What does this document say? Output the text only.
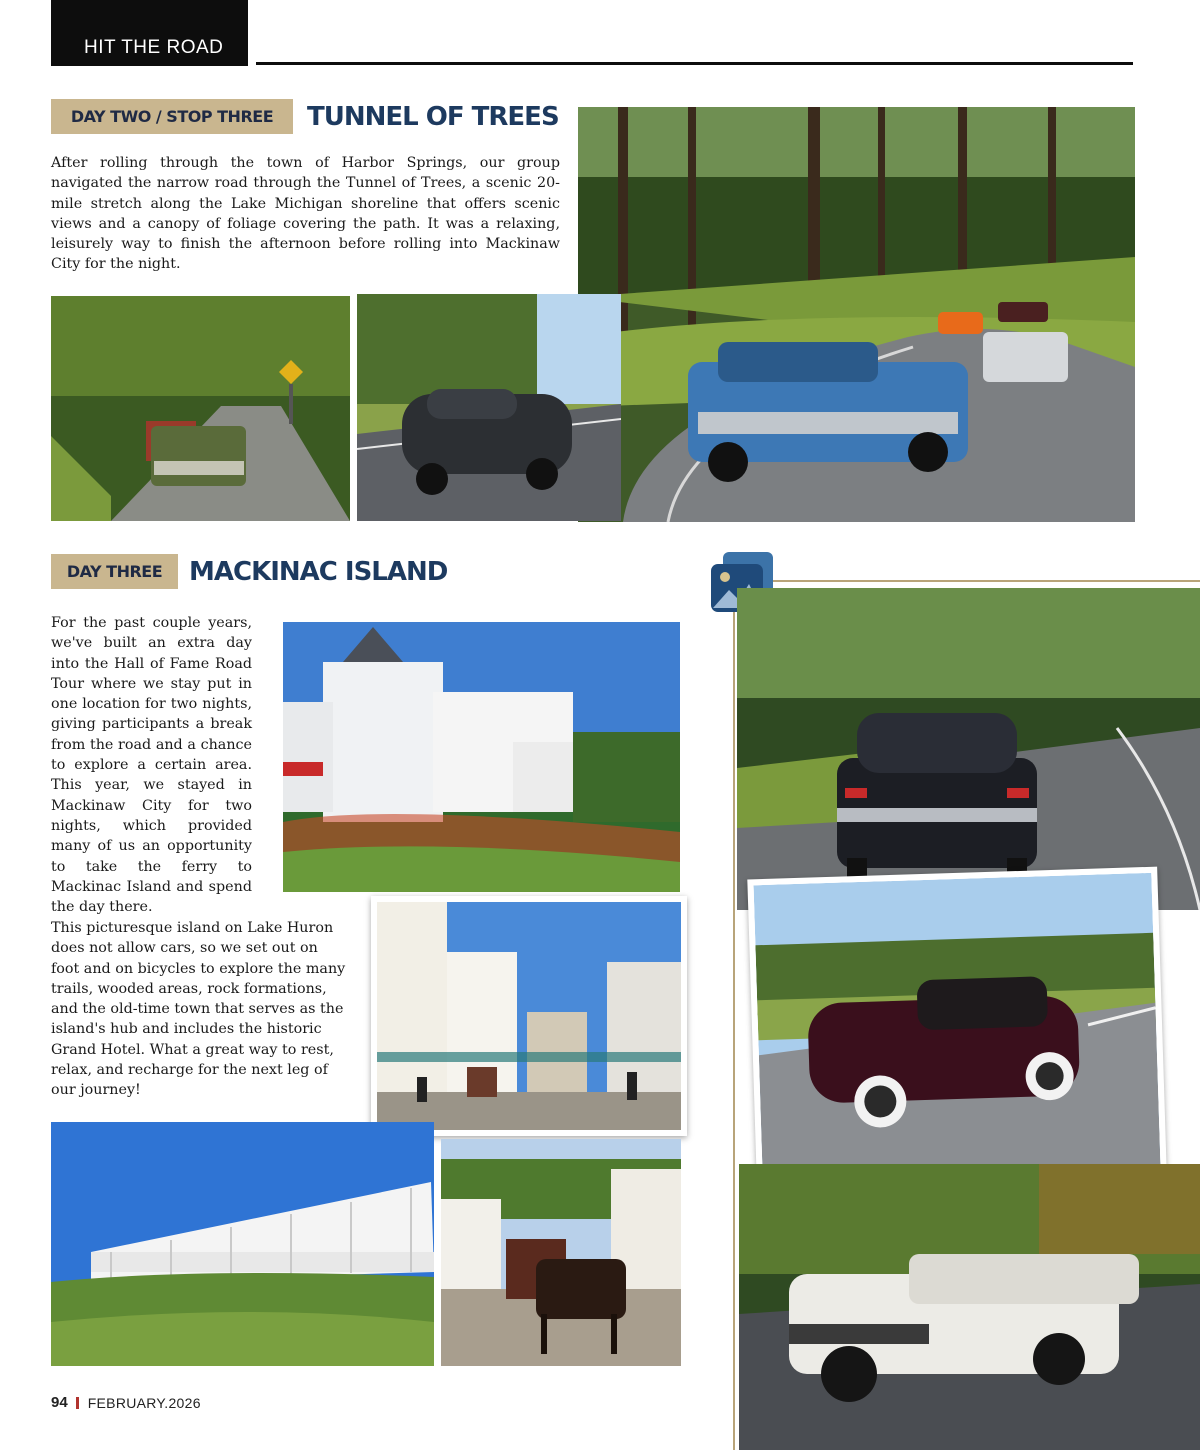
HIT THE ROAD
DAY TWO / STOP THREE	TUNNEL OF TREES

After rolling through the town of Harbor Springs, our group navigated the narrow road through the Tunnel of Trees, a scenic 20-mile stretch along the Lake Michigan shoreline that offers scenic views and a canopy of foliage covering the path. It was a relaxing, leisurely way to finish the afternoon before rolling into Mackinaw City for the night.

DAY THREE	MACKINAC ISLAND

For the past couple years, we've built an extra day into the Hall of Fame Road Tour where we stay put in one location for two nights, giving participants a break from the road and a chance to explore a certain area. This year, we stayed in Mackinaw City for two nights, which provided many of us an opportunity to take the ferry to Mackinac Island and spend the day there.

This picturesque island on Lake Huron does not allow cars, so we set out on foot and on bicycles to explore the many trails, wooded areas, rock formations, and the old-time town that serves as the island's hub and includes the historic Grand Hotel. What a great way to rest, relax, and recharge for the next leg of our journey!

94 FEBRUARY.2026
